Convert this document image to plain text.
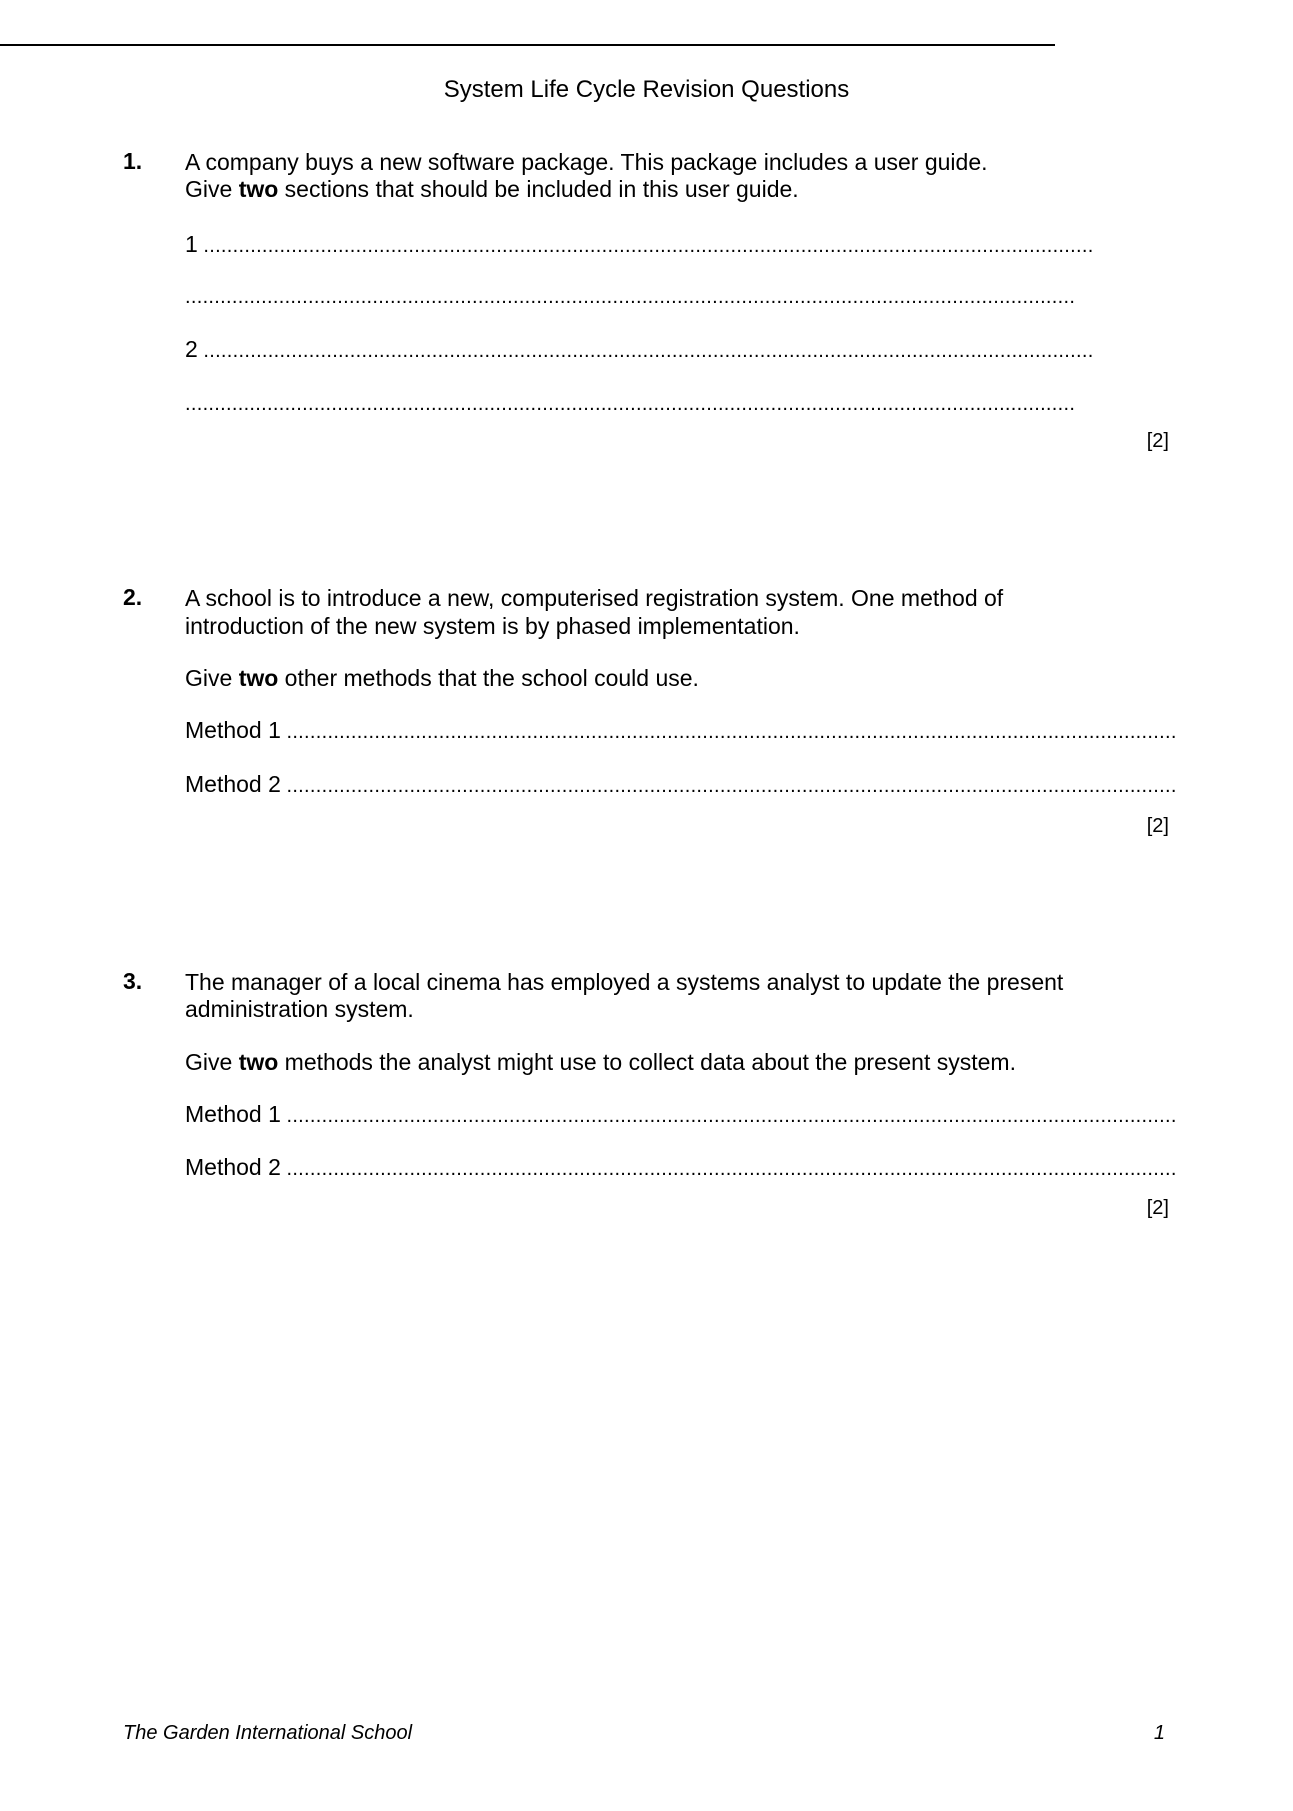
System Life Cycle Revision Questions
1. A company buys a new software package. This package includes a user guide.
Give two sections that should be included in this user guide.
1 ........................................................................................................................................................
........................................................................................................................................................
2 ........................................................................................................................................................
........................................................................................................................................................
[2]
2. A school is to introduce a new, computerised registration system. One method of
introduction of the new system is by phased implementation.
Give two other methods that the school could use.
Method 1 ........................................................................................................................................................
Method 2 ........................................................................................................................................................
[2]
3. The manager of a local cinema has employed a systems analyst to update the present
administration system.
Give two methods the analyst might use to collect data about the present system.
Method 1 ........................................................................................................................................................
Method 2 ........................................................................................................................................................
[2]
The Garden International School	1
